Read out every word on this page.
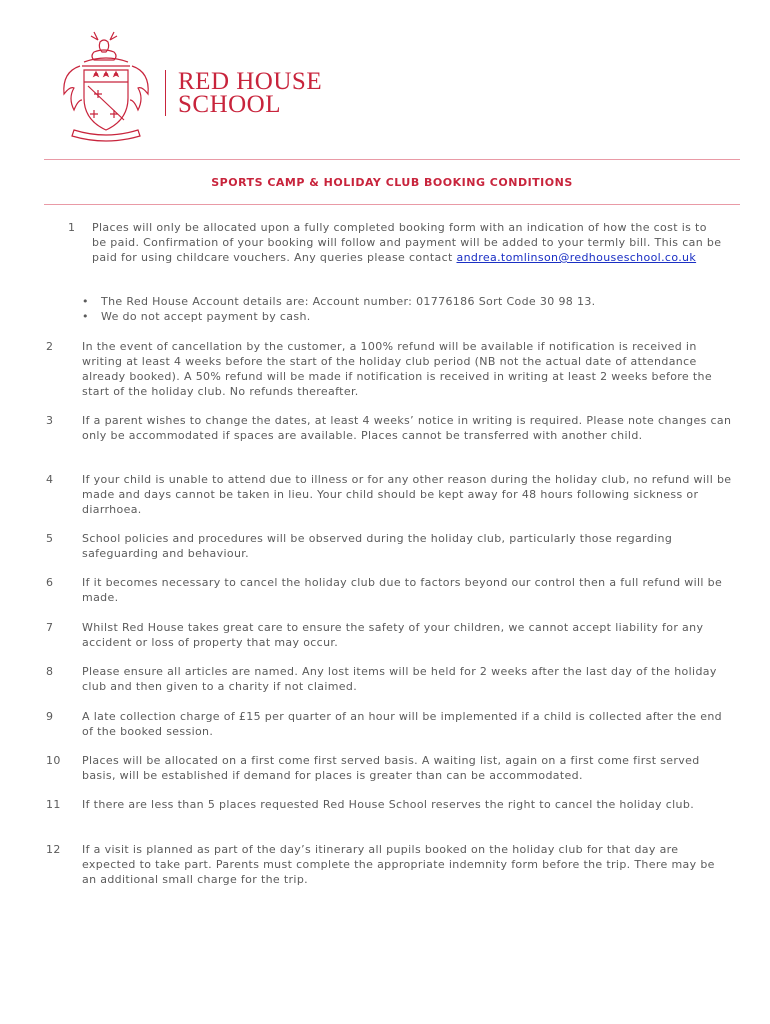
RED HOUSE
SCHOOL
SPORTS CAMP & HOLIDAY CLUB BOOKING CONDITIONS
1 Places will only be allocated upon a fully completed booking form with an indication of how the cost is to be paid. Confirmation of your booking will follow and payment will be added to your termly bill. This can be paid for using childcare vouchers. Any queries please contact andrea.tomlinson@redhouseschool.co.uk
• The Red House Account details are: Account number: 01776186 Sort Code 30 98 13.
• We do not accept payment by cash.
2	In the event of cancellation by the customer, a 100% refund will be available if notification is received in writing at least 4 weeks before the start of the holiday club period (NB not the actual date of attendance already booked). A 50% refund will be made if notification is received in writing at least 2 weeks before the start of the holiday club. No refunds thereafter.
3	If a parent wishes to change the dates, at least 4 weeks’ notice in writing is required. Please note changes can only be accommodated if spaces are available. Places cannot be transferred with another child.
4	If your child is unable to attend due to illness or for any other reason during the holiday club, no refund will be made and days cannot be taken in lieu. Your child should be kept away for 48 hours following sickness or diarrhoea.
5	School policies and procedures will be observed during the holiday club, particularly those regarding safeguarding and behaviour.
6	If it becomes necessary to cancel the holiday club due to factors beyond our control then a full refund will be made.
7	Whilst Red House takes great care to ensure the safety of your children, we cannot accept liability for any accident or loss of property that may occur.
8	Please ensure all articles are named. Any lost items will be held for 2 weeks after the last day of the holiday club and then given to a charity if not claimed.
9	A late collection charge of £15 per quarter of an hour will be implemented if a child is collected after the end of the booked session.
10 Places will be allocated on a first come first served basis. A waiting list, again on a first come first served basis, will be established if demand for places is greater than can be accommodated.
11 If there are less than 5 places requested Red House School reserves the right to cancel the holiday club.
12 If a visit is planned as part of the day’s itinerary all pupils booked on the holiday club for that day are expected to take part. Parents must complete the appropriate indemnity form before the trip. There may be an additional small charge for the trip.
